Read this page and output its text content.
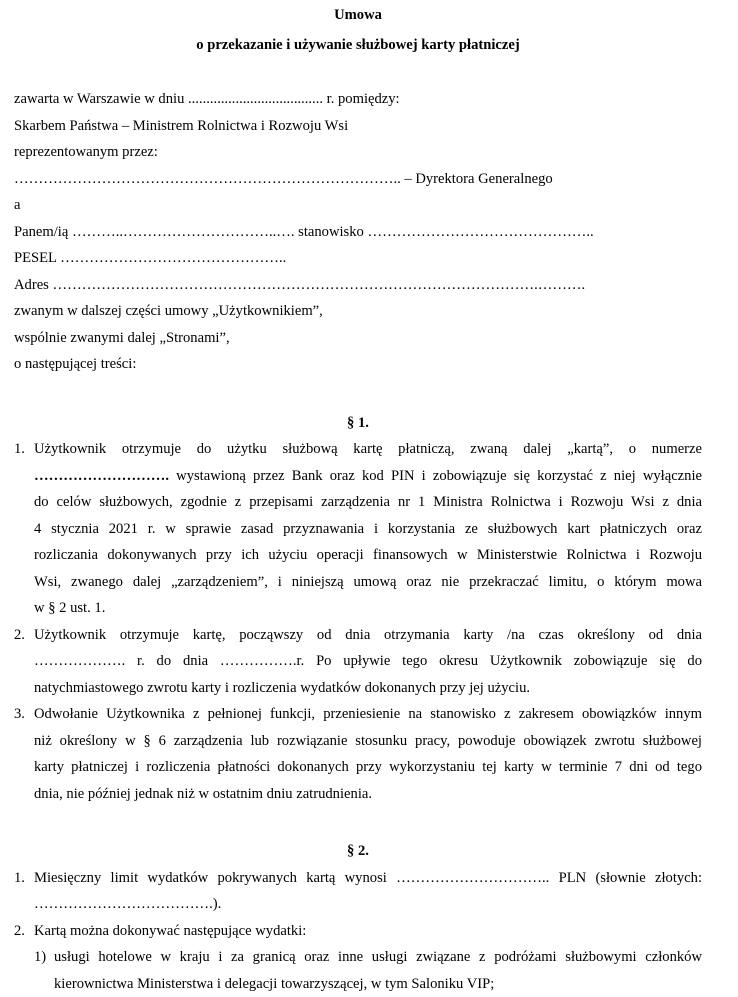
Umowa

o przekazanie i używanie służbowej karty płatniczej

zawarta w Warszawie w dniu ..................................... r. pomiędzy:

Skarbem Państwa – Ministrem Rolnictwa i Rozwoju Wsi

reprezentowanym przez:

…………………………………………………………………….. – Dyrektora Generalnego

a

Panem/ią ………..…………………………..…. stanowisko ………………………………………..

PESEL ………………………………………..

Adres ……………………………………………………………………………………….……….

zwanym w dalszej części umowy „Użytkownikiem”,

wspólnie zwanymi dalej „Stronami”,

o następującej treści:

§ 1.

1. Użytkownik otrzymuje do użytku służbową kartę płatniczą, zwaną dalej „kartą”, o numerze
………………………. wystawioną przez Bank oraz kod PIN i zobowiązuje się korzystać z niej wyłącznie
do celów służbowych, zgodnie z przepisami zarządzenia nr 1 Ministra Rolnictwa i Rozwoju Wsi z dnia
4 stycznia 2021 r. w sprawie zasad przyznawania i korzystania ze służbowych kart płatniczych oraz
rozliczania dokonywanych przy ich użyciu operacji finansowych w Ministerstwie Rolnictwa i Rozwoju
Wsi, zwanego dalej „zarządzeniem”, i niniejszą umową oraz nie przekraczać limitu, o którym mowa
w § 2 ust. 1.
2. Użytkownik otrzymuje kartę, począwszy od dnia otrzymania karty /na czas określony od dnia
………………. r. do dnia …………….r. Po upływie tego okresu Użytkownik zobowiązuje się do
natychmiastowego zwrotu karty i rozliczenia wydatków dokonanych przy jej użyciu.
3. Odwołanie Użytkownika z pełnionej funkcji, przeniesienie na stanowisko z zakresem obowiązków innym
niż określony w § 6 zarządzenia lub rozwiązanie stosunku pracy, powoduje obowiązek zwrotu służbowej
karty płatniczej i rozliczenia płatności dokonanych przy wykorzystaniu tej karty w terminie 7 dni od tego
dnia, nie później jednak niż w ostatnim dniu zatrudnienia.

§ 2.

1. Miesięczny limit wydatków pokrywanych kartą wynosi ………………………….. PLN (słownie złotych:
……………………………….).
2. Kartą można dokonywać następujące wydatki:
1) usługi hotelowe w kraju i za granicą oraz inne usługi związane z podróżami służbowymi członków
kierownictwa Ministerstwa i delegacji towarzyszącej, w tym Saloniku VIP;
